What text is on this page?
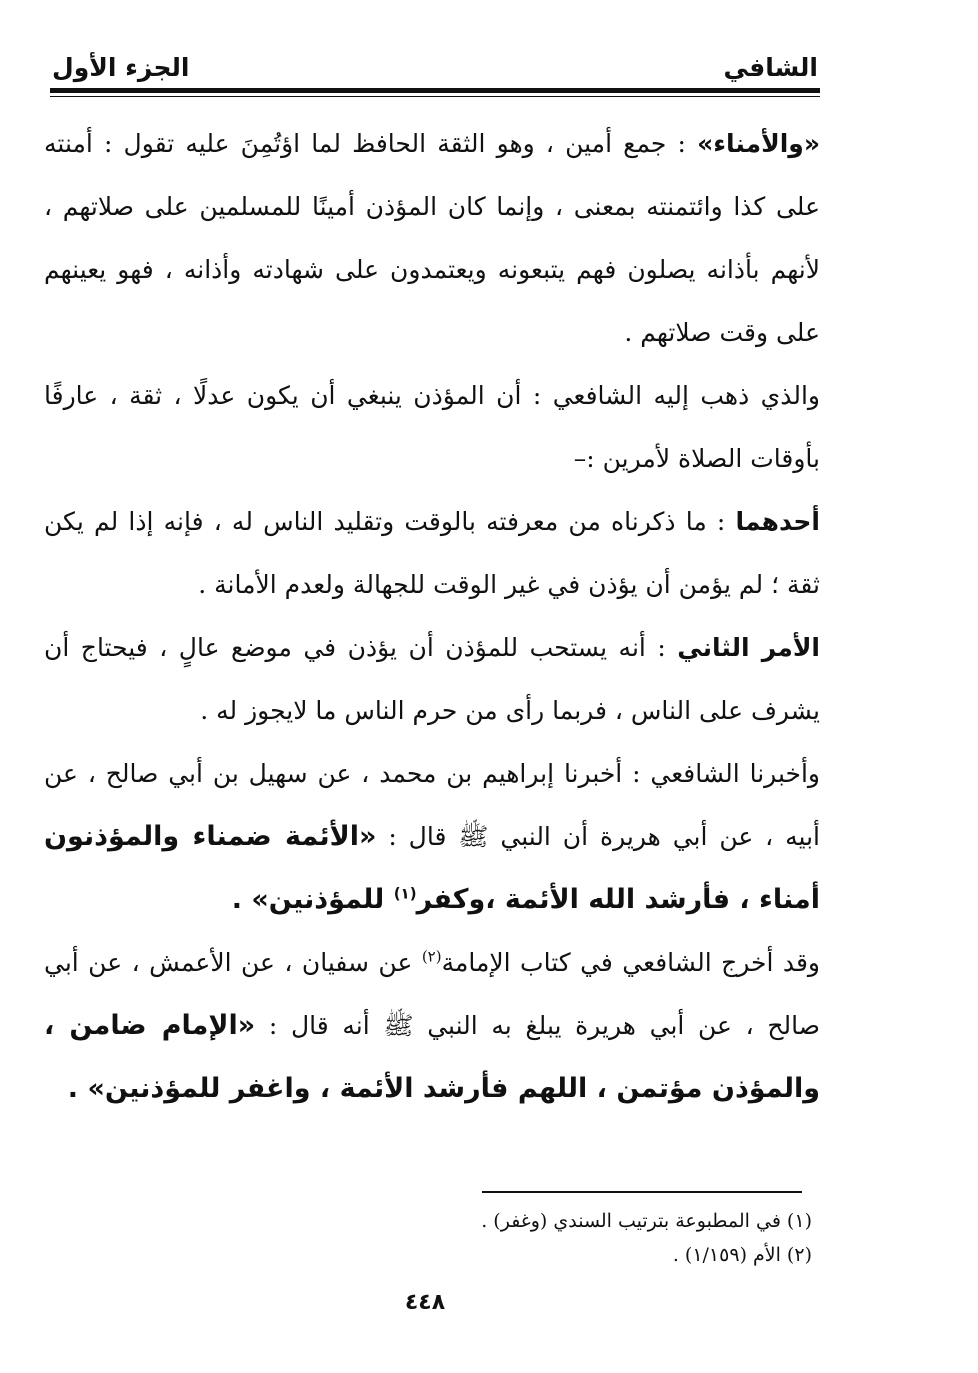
الشافي
الجزء الأول

«والأمناء» : جمع أمين ، وهو الثقة الحافظ لما اؤتُمِنَ عليه تقول : أمنته على كذا وائتمنته بمعنى ، وإنما كان المؤذن أمينًا للمسلمين على صلاتهم ، لأنهم بأذانه يصلون فهم يتبعونه ويعتمدون على شهادته وأذانه ، فهو يعينهم على وقت صلاتهم .

والذي ذهب إليه الشافعي : أن المؤذن ينبغي أن يكون عدلًا ، ثقة ، عارفًا بأوقات الصلاة لأمرين :–

أحدهما : ما ذكرناه من معرفته بالوقت وتقليد الناس له ، فإنه إذا لم يكن ثقة ؛ لم يؤمن أن يؤذن في غير الوقت للجهالة ولعدم الأمانة .

الأمر الثاني : أنه يستحب للمؤذن أن يؤذن في موضع عالٍ ، فيحتاج أن يشرف على الناس ، فربما رأى من حرم الناس ما لايجوز له .

وأخبرنا الشافعي : أخبرنا إبراهيم بن محمد ، عن سهيل بن أبي صالح ، عن أبيه ، عن أبي هريرة أن النبي ﷺ قال : «الأئمة ضمناء والمؤذنون أمناء ، فأرشد الله الأئمة ،وكفر$^{(١)}$ للمؤذنين» .

وقد أخرج الشافعي في كتاب الإمامة$^{(٢)}$ عن سفيان ، عن الأعمش ، عن أبي صالح ، عن أبي هريرة يبلغ به النبي ﷺ أنه قال : «الإمام ضامن ، والمؤذن مؤتمن ، اللهم فأرشد الأئمة ، واغفر للمؤذنين» .

(١) في المطبوعة بترتيب السندي (وغفر) .
(٢) الأم (١/١٥٩) .
٤٤٨
